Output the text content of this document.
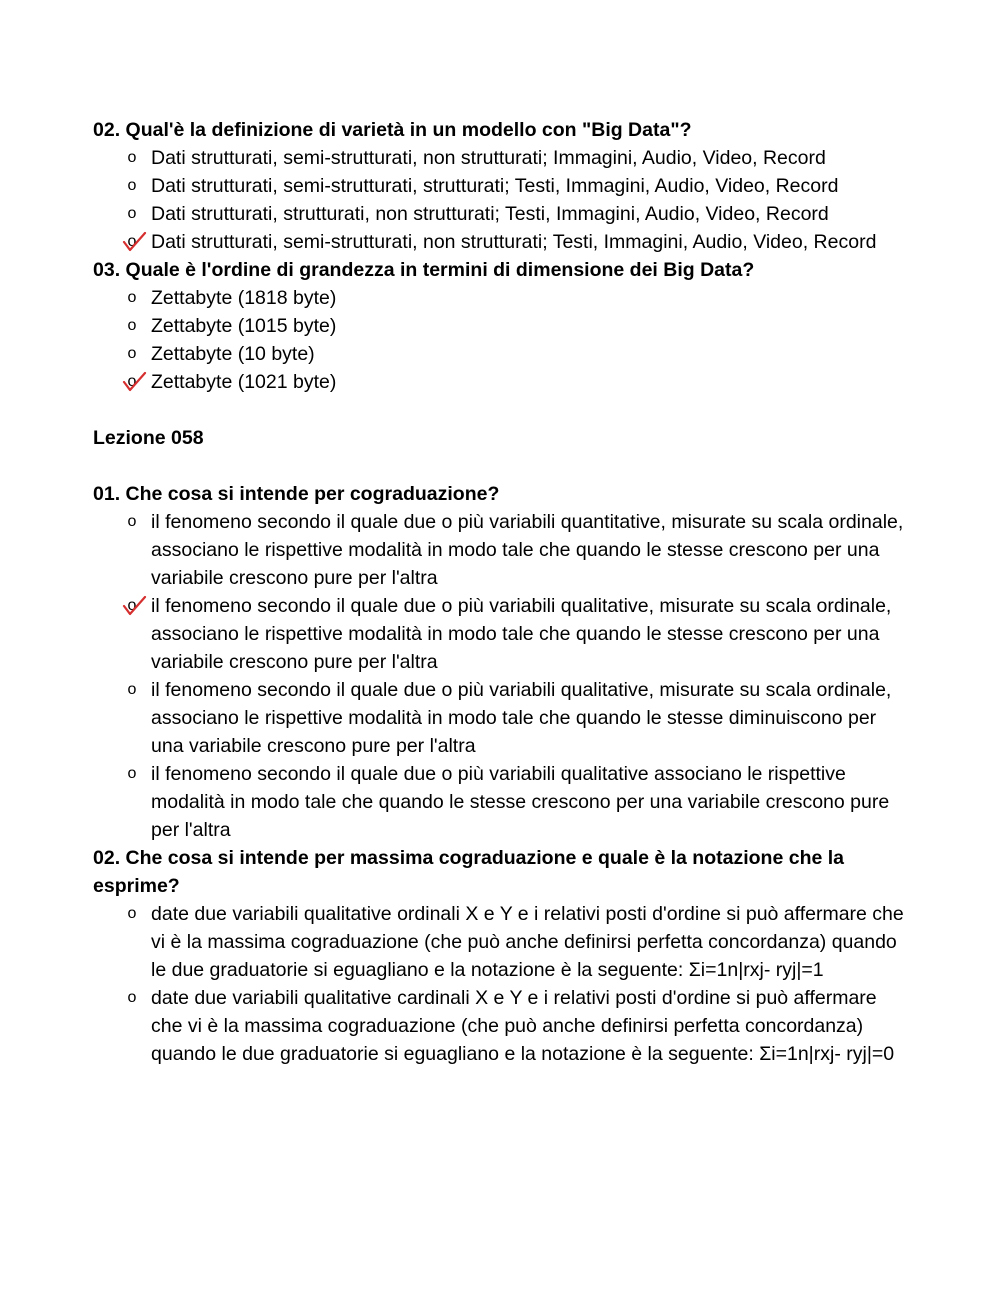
02. Qual'è la definizione di varietà in un modello con "Big Data"?

o Dati strutturati, semi-strutturati, non strutturati; Immagini, Audio, Video, Record
o Dati strutturati, semi-strutturati, strutturati; Testi, Immagini, Audio, Video, Record
o Dati strutturati, strutturati, non strutturati; Testi, Immagini, Audio, Video, Record
o Dati strutturati, semi-strutturati, non strutturati; Testi, Immagini, Audio, Video, Record

03. Quale è l'ordine di grandezza in termini di dimensione dei Big Data?

o Zettabyte (1818 byte)
o Zettabyte (1015 byte)
o Zettabyte (10 byte)
o Zettabyte (1021 byte)

Lezione 058

01. Che cosa si intende per cograduazione?

o il fenomeno secondo il quale due o più variabili quantitative, misurate su scala ordinale, associano le rispettive modalità in modo tale che quando le stesse crescono per una variabile crescono pure per l'altra
o il fenomeno secondo il quale due o più variabili qualitative, misurate su scala ordinale, associano le rispettive modalità in modo tale che quando le stesse crescono per una variabile crescono pure per l'altra
o il fenomeno secondo il quale due o più variabili qualitative, misurate su scala ordinale, associano le rispettive modalità in modo tale che quando le stesse diminuiscono per una variabile crescono pure per l'altra
o il fenomeno secondo il quale due o più variabili qualitative associano le rispettive modalità in modo tale che quando le stesse crescono per una variabile crescono pure per l'altra

02. Che cosa si intende per massima cograduazione e quale è la notazione che la esprime?

o date due variabili qualitative ordinali X e Y e i relativi posti d'ordine si può affermare che vi è la massima cograduazione (che può anche definirsi perfetta concordanza) quando le due graduatorie si eguagliano e la notazione è la seguente: Σi=1n|rxj- ryj|=1
o date due variabili qualitative cardinali X e Y e i relativi posti d'ordine si può affermare che vi è la massima cograduazione (che può anche definirsi perfetta concordanza) quando le due graduatorie si eguagliano e la notazione è la seguente: Σi=1n|rxj- ryj|=0
